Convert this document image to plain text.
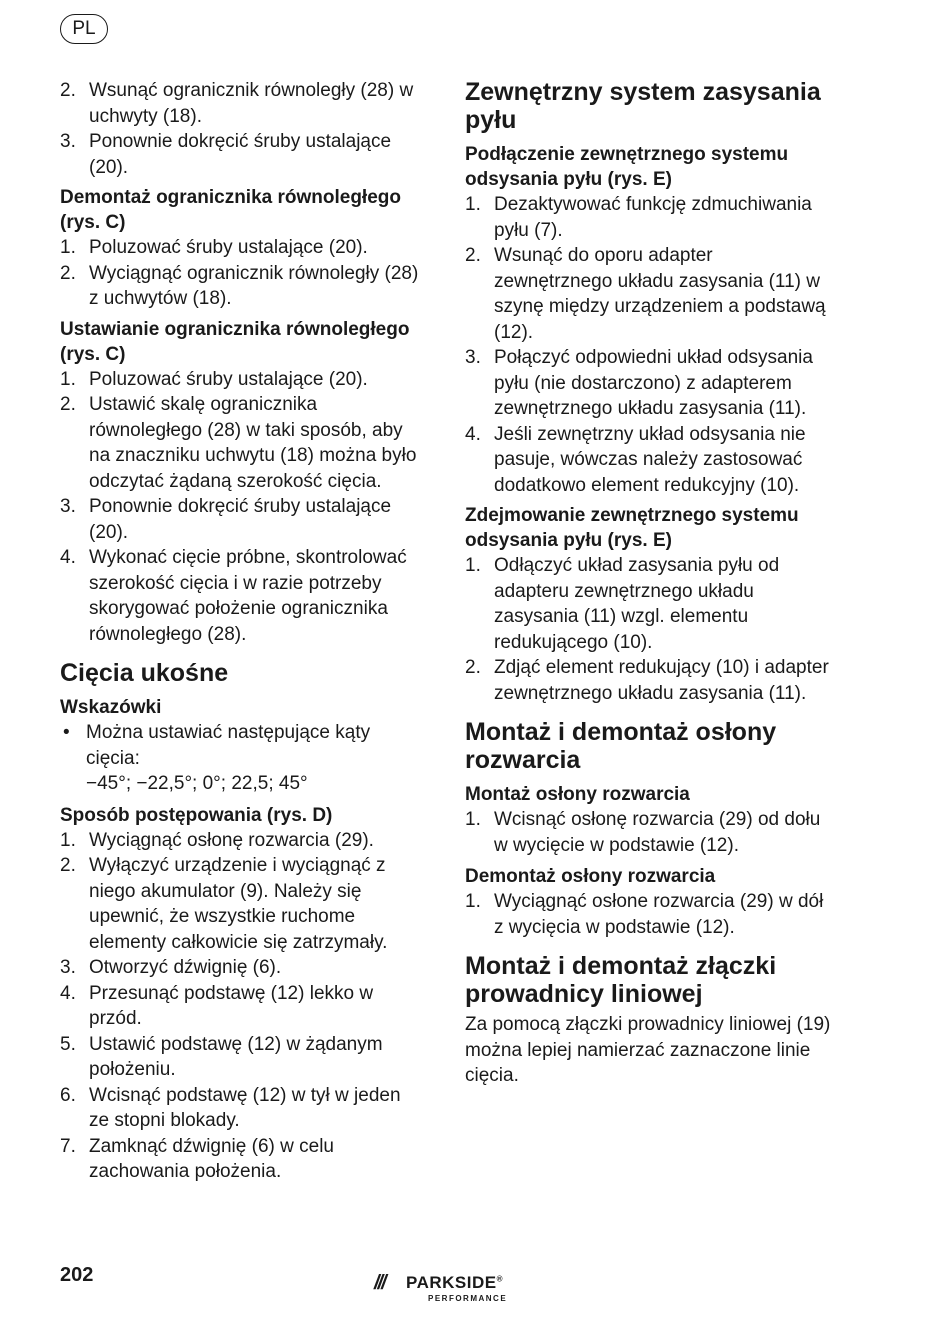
PL
2. Wsunąć ogranicznik równoległy (28) w uchwyty (18).
3. Ponownie dokręcić śruby ustalające (20).

Demontaż ogranicznika równoległego (rys. C)

1. Poluzować śruby ustalające (20).
2. Wyciągnąć ogranicznik równoległy (28) z uchwytów (18).

Ustawianie ogranicznika równoległego (rys. C)

1. Poluzować śruby ustalające (20).
2. Ustawić skalę ogranicznika równoległego (28) w taki sposób, aby na znaczniku uchwytu (18) można było odczytać żądaną szerokość cięcia.
3. Ponownie dokręcić śruby ustalające (20).
4. Wykonać cięcie próbne, skontrolować szerokość cięcia i w razie potrzeby skorygować położenie ogranicznika równoległego (28).

Cięcia ukośne

Wskazówki

• Można ustawiać następujące kąty cięcia:
−45°; −22,5°; 0°; 22,5; 45°

Sposób postępowania (rys. D)

1. Wyciągnąć osłonę rozwarcia (29).
2. Wyłączyć urządzenie i wyciągnąć z niego akumulator (9). Należy się upewnić, że wszystkie ruchome elementy całkowicie się zatrzymały.
3. Otworzyć dźwignię (6).
4. Przesunąć podstawę (12) lekko w przód.
5. Ustawić podstawę (12) w żądanym położeniu.
6. Wcisnąć podstawę (12) w tył w jeden ze stopni blokady.
7. Zamknąć dźwignię (6) w celu zachowania położenia.

Zewnętrzny system zasysania pyłu

Podłączenie zewnętrznego systemu odsysania pyłu (rys. E)

1. Dezaktywować funkcję zdmuchiwania pyłu (7).
2. Wsunąć do oporu adapter zewnętrznego układu zasysania (11) w szynę między urządzeniem a podstawą (12).
3. Połączyć odpowiedni układ odsysania pyłu (nie dostarczono) z adapterem zewnętrznego układu zasysania (11).
4. Jeśli zewnętrzny układ odsysania nie pasuje, wówczas należy zastosować dodatkowo element redukcyjny (10).

Zdejmowanie zewnętrznego systemu odsysania pyłu (rys. E)

1. Odłączyć układ zasysania pyłu od adapteru zewnętrznego układu zasysania (11) wzgl. elementu redukującego (10).
2. Zdjąć element redukujący (10) i adapter zewnętrznego układu zasysania (11).

Montaż i demontaż osłony rozwarcia

Montaż osłony rozwarcia

1. Wcisnąć osłonę rozwarcia (29) od dołu w wycięcie w podstawie (12).

Demontaż osłony rozwarcia

1. Wyciągnąć osłone rozwarcia (29) w dół z wycięcia w podstawie (12).

Montaż i demontaż złączki prowadnicy liniowej

Za pomocą złączki prowadnicy liniowej (19) można lepiej namierzać zaznaczone linie cięcia.

202	/// PARKSIDE®
PERFORMANCE
